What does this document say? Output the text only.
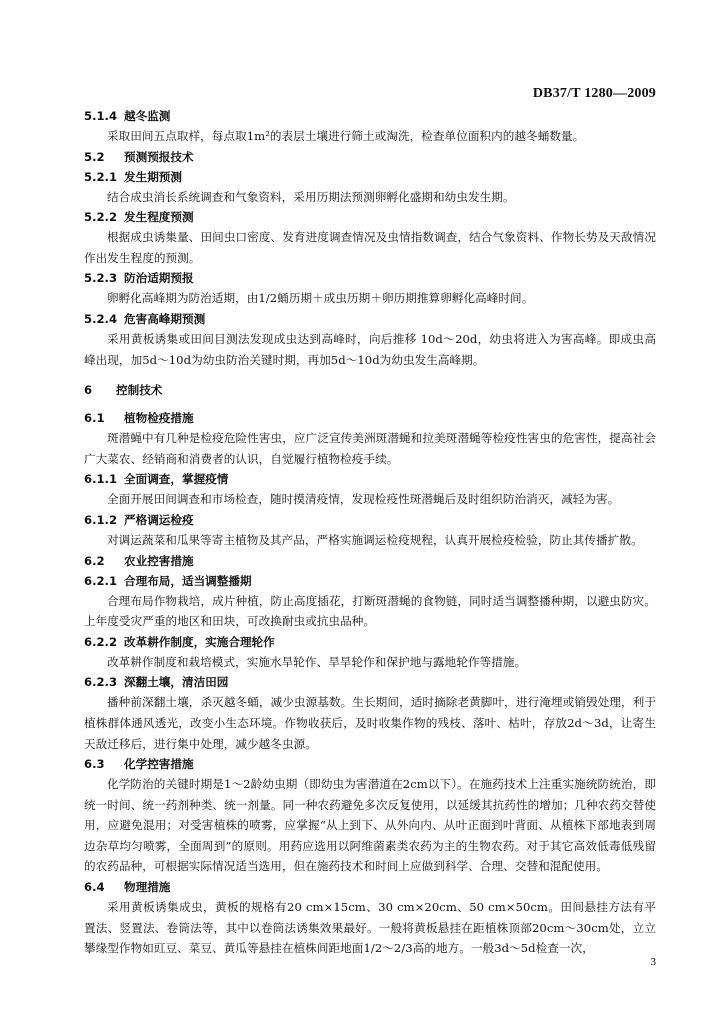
DB37/T 1280—2009
5.1.4 越冬监测
采取田间五点取样，每点取1m²的表层土壤进行筛土或淘洗，检查单位面积内的越冬蛹数量。
5.2 预测预报技术
5.2.1 发生期预测
结合成虫消长系统调查和气象资料，采用历期法预测卵孵化盛期和幼虫发生期。
5.2.2 发生程度预测
根据成虫诱集量、田间虫口密度、发育进度调查情况及虫情指数调查，结合气象资料、作物长势及天敌情况作出发生程度的预测。
5.2.3 防治适期预报
卵孵化高峰期为防治适期，由1/2蛹历期＋成虫历期＋卵历期推算卵孵化高峰时间。
5.2.4 危害高峰期预测
采用黄板诱集或田间目测法发现成虫达到高峰时，向后推移 10d～20d，幼虫将进入为害高峰。即成虫高峰出现，加5d～10d为幼虫防治关键时期，再加5d～10d为幼虫发生高峰期。
6 控制技术
6.1 植物检疫措施
斑潜蝇中有几种是检疫危险性害虫，应广泛宣传美洲斑潜蝇和拉美斑潜蝇等检疫性害虫的危害性，提高社会广大菜农、经销商和消费者的认识，自觉履行植物检疫手续。
6.1.1 全面调查，掌握疫情
全面开展田间调查和市场检查，随时摸清疫情，发现检疫性斑潜蝇后及时组织防治消灭，减轻为害。
6.1.2 严格调运检疫
对调运蔬菜和瓜果等寄主植物及其产品，严格实施调运检疫规程，认真开展检疫检验，防止其传播扩散。
6.2 农业控害措施
6.2.1 合理布局，适当调整播期
合理布局作物栽培，成片种植，防止高度插花，打断斑潜蝇的食物链，同时适当调整播种期，以避虫防灾。上年度受灾严重的地区和田块，可改换耐虫或抗虫品种。
6.2.2 改革耕作制度，实施合理轮作
改革耕作制度和栽培模式，实施水旱轮作、旱旱轮作和保护地与露地轮作等措施。
6.2.3 深翻土壤，清洁田园
播种前深翻土壤，杀灭越冬蛹，减少虫源基数。生长期间，适时摘除老黄脚叶，进行淹埋或销毁处理，利于植株群体通风透光，改变小生态环境。作物收获后，及时收集作物的残枝、落叶、枯叶，存放2d～3d，让寄生天敌迁移后，进行集中处理，减少越冬虫源。
6.3 化学控害措施
化学防治的关键时期是1～2龄幼虫期（即幼虫为害潜道在2cm以下）。在施药技术上注重实施统防统治，即统一时间、统一药剂种类、统一剂量。同一种农药避免多次反复使用，以延缓其抗药性的增加；几种农药交替使用，应避免混用；对受害植株的喷雾，应掌握“从上到下、从外向内、从叶正面到叶背面、从植株下部地表到周边杂草均匀喷雾，全面周到”的原则。用药应选用以阿维菌素类农药为主的生物农药。对于其它高效低毒低残留的农药品种，可根据实际情况适当选用，但在施药技术和时间上应做到科学、合理、交替和混配使用。
6.4 物理措施
采用黄板诱集成虫，黄板的规格有20 cm×15cm、30 cm×20cm、50 cm×50cm。田间悬挂方法有平置法、竖置法、卷筒法等，其中以卷筒法诱集效果最好。一般将黄板悬挂在距植株顶部20cm～30cm处，立立攀缘型作物如豇豆、菜豆、黄瓜等悬挂在植株间距地面1/2～2/3高的地方。一般3d～5d检查一次，
3
